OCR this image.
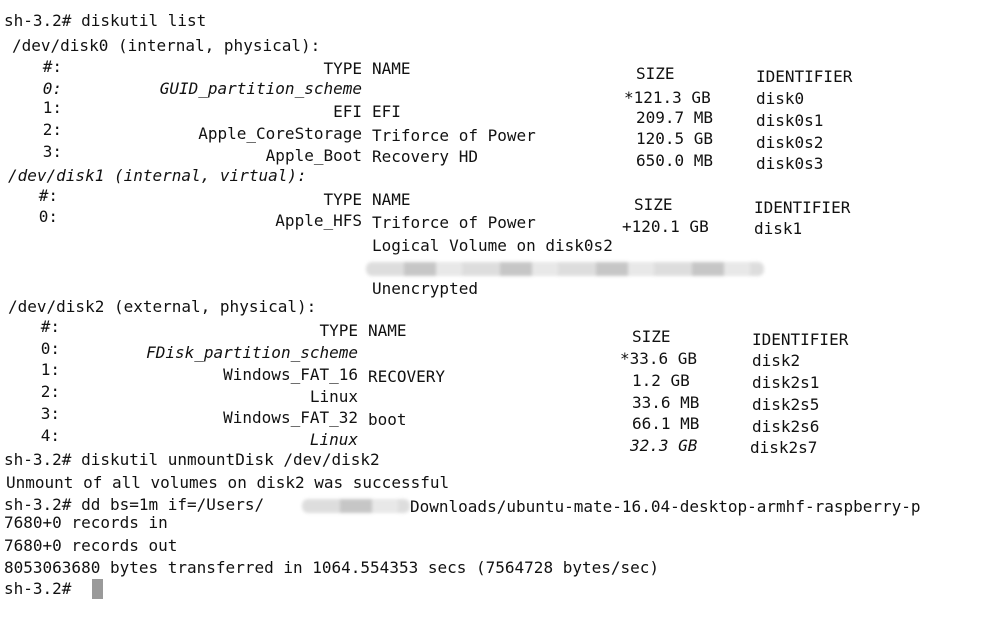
sh-3.2# diskutil list
/dev/disk0 (internal, physical):
#:	TYPE NAME	SIZE	IDENTIFIER
0:	GUID_partition_scheme	*121.3 GB	disk0
1:	EFI EFI	209.7 MB	disk0s1
2:	Apple_CoreStorage Triforce of Power	120.5 GB	disk0s2
3:	Apple_Boot Recovery HD	650.0 MB	disk0s3
/dev/disk1 (internal, virtual):
#:	TYPE NAME	SIZE	IDENTIFIER
0:	Apple_HFS Triforce of Power	+120.1 GB	disk1
Logical Volume on disk0s2
Unencrypted
/dev/disk2 (external, physical):
#:	TYPE NAME	SIZE	IDENTIFIER
0:	FDisk_partition_scheme	*33.6 GB	disk2
1:	Windows_FAT_16 RECOVERY	1.2 GB	disk2s1
2:	Linux	33.6 MB	disk2s5
3:	Windows_FAT_32 boot	66.1 MB	disk2s6
4:	Linux	32.3 GB	disk2s7
sh-3.2# diskutil unmountDisk /dev/disk2
Unmount of all volumes on disk2 was successful
sh-3.2# dd bs=1m if=/Users/	Downloads/ubuntu-mate-16.04-desktop-armhf-raspberry-p
7680+0 records in
7680+0 records out
8053063680 bytes transferred in 1064.554353 secs (7564728 bytes/sec)
sh-3.2#
